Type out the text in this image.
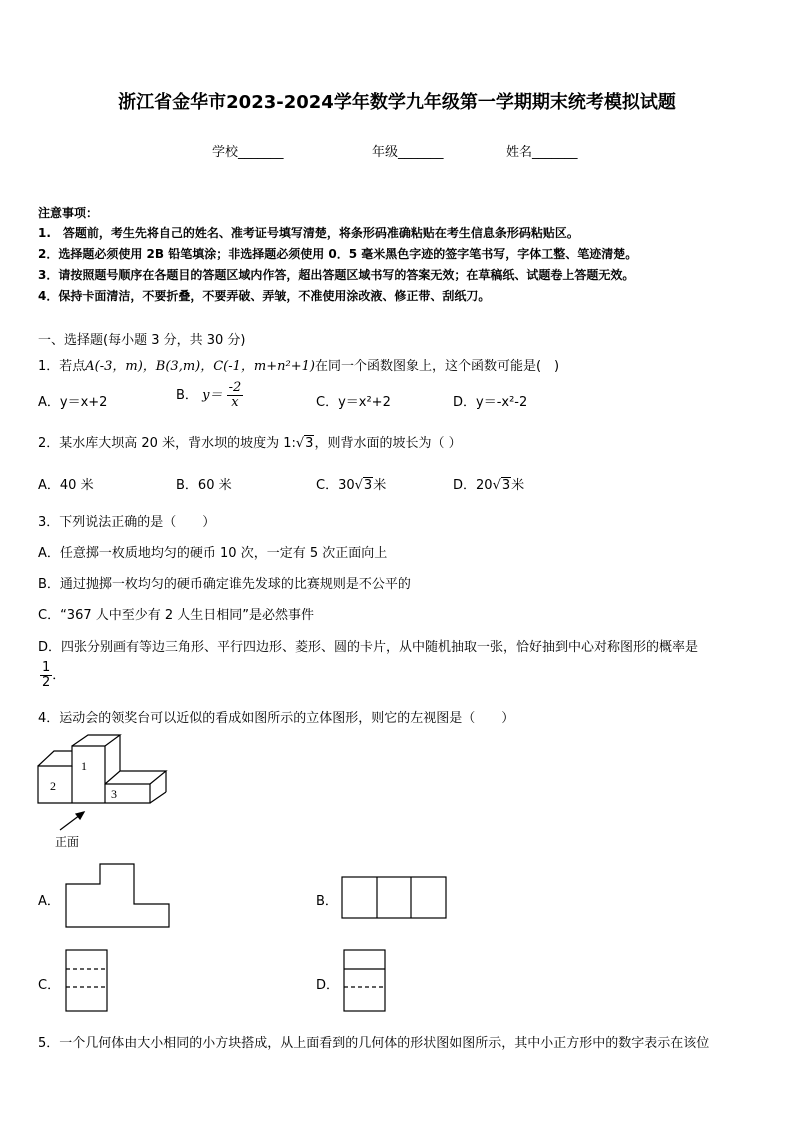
浙江省金华市2023-2024学年数学九年级第一学期期末统考模拟试题
学校_______	年级_______	姓名_______
注意事项：
1.　答题前，考生先将自己的姓名、准考证号填写清楚，将条形码准确粘贴在考生信息条形码粘贴区。
2．选择题必须使用 2B 铅笔填涂；非选择题必须使用 0．5 毫米黑色字迹的签字笔书写，字体工整、笔迹清楚。
3．请按照题号顺序在各题目的答题区域内作答，超出答题区域书写的答案无效；在草稿纸、试题卷上答题无效。
4．保持卡面清洁，不要折叠，不要弄破、弄皱，不准使用涂改液、修正带、刮纸刀。
一、选择题(每小题 3 分，共 30 分)
1．若点A(-3，m)，B(3,m)，C(-1，m+n²+1)在同一个函数图象上，这个函数可能是(　)
A．y＝x+2	B． $y= \frac{-2}{x}$	C．y＝x²+2	D．y＝-x²-2
2．某水库大坝高 20 米，背水坝的坡度为 1:√3，则背水面的坡长为（ ）
A．40 米	B．60 米	C．30√3米	D．20√3米
3．下列说法正确的是（　　）
A．任意掷一枚质地均匀的硬币 10 次，一定有 5 次正面向上
B．通过抛掷一枚均匀的硬币确定谁先发球的比赛规则是不公平的
C．“367 人中至少有 2 人生日相同”是必然事件
D．四张分别画有等边三角形、平行四边形、菱形、圆的卡片，从中随机抽取一张，恰好抽到中心对称图形的概率是
$\frac{1}{2}$ ．
4．运动会的领奖台可以近似的看成如图所示的立体图形，则它的左视图是（　　）
1
2
3
正面
A．	B．
C．	D．
5．一个几何体由大小相同的小方块搭成，从上面看到的几何体的形状图如图所示，其中小正方形中的数字表示在该位
